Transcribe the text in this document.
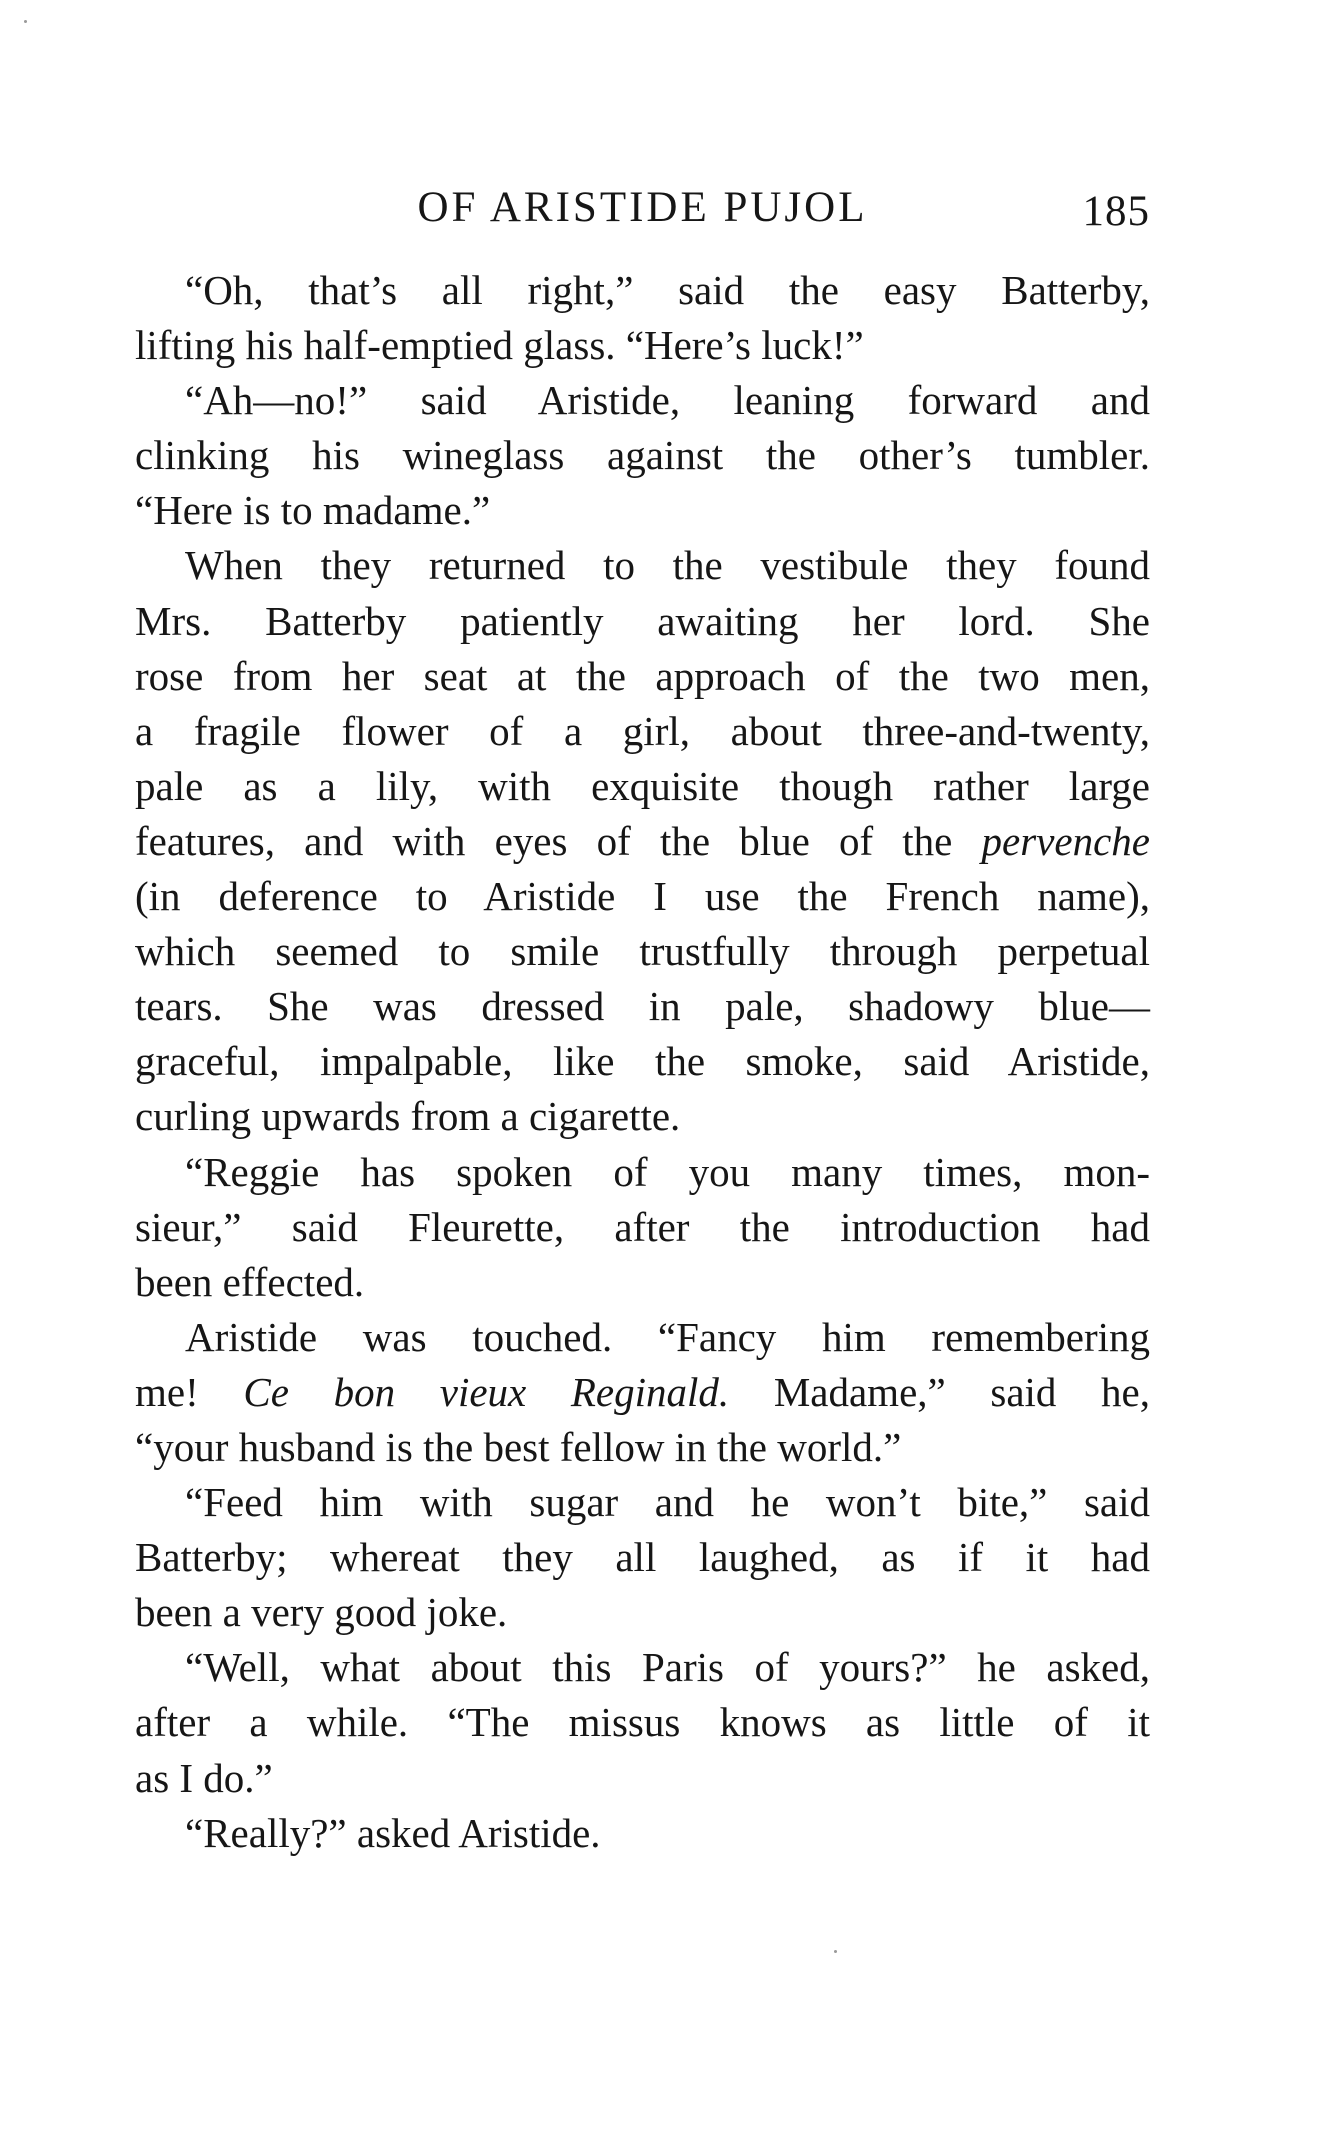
OF ARISTIDE PUJOL	185
“Oh, that’s all right,” said the easy Batterby,
lifting his half-emptied glass. “Here’s luck!”
“Ah—no!” said Aristide, leaning forward and
clinking his wineglass against the other’s tumbler.
“Here is to madame.”
When they returned to the vestibule they found
Mrs. Batterby patiently awaiting her lord. She
rose from her seat at the approach of the two men,
a fragile flower of a girl, about three-and-twenty,
pale as a lily, with exquisite though rather large
features, and with eyes of the blue of the pervenche
(in deference to Aristide I use the French name),
which seemed to smile trustfully through perpetual
tears. She was dressed in pale, shadowy blue—
graceful, impalpable, like the smoke, said Aristide,
curling upwards from a cigarette.
“Reggie has spoken of you many times, mon-
sieur,” said Fleurette, after the introduction had
been effected.
Aristide was touched. “Fancy him remembering
me! Ce bon vieux Reginald. Madame,” said he,
“your husband is the best fellow in the world.”
“Feed him with sugar and he won’t bite,” said
Batterby; whereat they all laughed, as if it had
been a very good joke.
“Well, what about this Paris of yours?” he asked,
after a while. “The missus knows as little of it
as I do.”
“Really?” asked Aristide.
